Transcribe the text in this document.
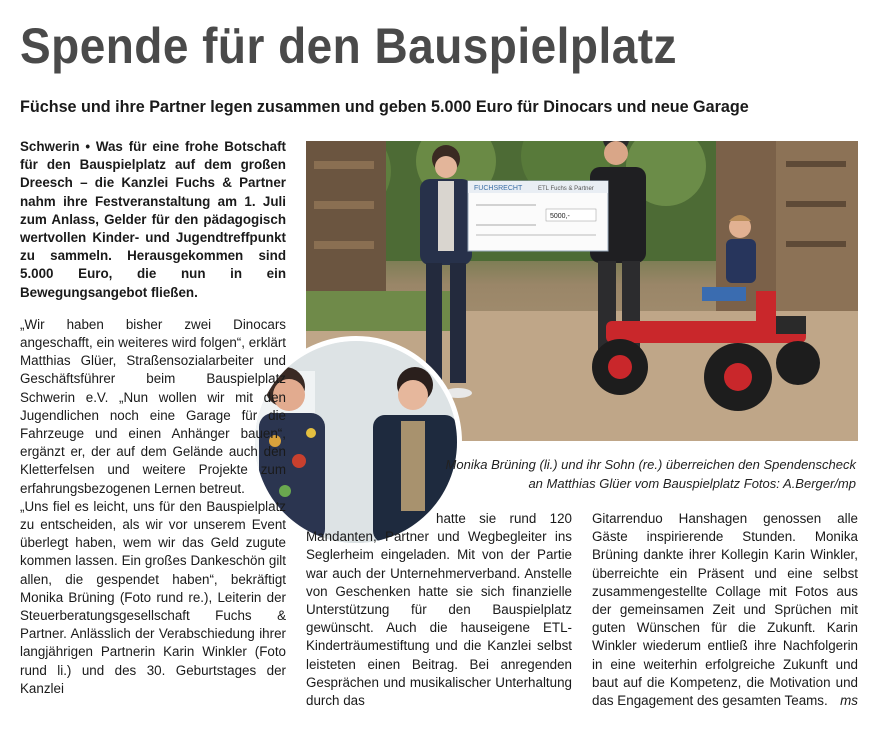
Spende für den Bauspielplatz
Füchse und ihre Partner legen zusammen und geben 5.000 Euro für Dinocars und neue Garage
FUCHSRECHT	ETL Fuchs & Partner
5000,-

Schwerin • Was für eine frohe Botschaft für den Bauspielplatz auf dem großen Dreesch – die Kanzlei Fuchs & Partner nahm ihre Festveranstaltung am 1. Juli zum Anlass, Gelder für den pädagogisch wertvollen Kinder- und Jugendtreffpunkt zu sammeln. Herausgekommen sind 5.000 Euro, die nun in ein Bewegungsangebot fließen.

„Wir haben bisher zwei Dinocars angeschafft, ein weiteres wird folgen“, erklärt Matthias Glüer, Straßensozialarbeiter und Geschäftsführer beim Bauspielplatz Schwerin e.V. „Nun wollen wir mit den Jugendlichen noch eine Garage für die Fahrzeuge und einen Anhänger bauen“, ergänzt er, der auf dem Gelände auch den Kletterfelsen und weitere Projekte zum erfahrungsbezogenen Lernen betreut.

„Uns fiel es leicht, uns für den Bauspielplatz zu entscheiden, als wir vor unserem Event überlegt haben, wem wir das Geld zugute kommen lassen. Ein großes Dankeschön gilt allen, die gespendet haben“, bekräftigt Monika Brüning (Foto rund re.), Leiterin der Steuerberatungsgesellschaft Fuchs & Partner. Anlässlich der Verabschiedung ihrer langjährigen Partnerin Karin Winkler (Foto rund li.) und des 30. Geburtstages der Kanzlei

hatte sie rund 120 Mandanten, Partner und Wegbegleiter ins Seglerheim eingeladen. Mit von der Partie war auch der Unternehmerverband. Anstelle von Geschenken hatte sie sich finanzielle Unterstützung für den Bauspielplatz gewünscht. Auch die hauseigene ETL-Kinderträumestiftung und die Kanzlei selbst leisteten einen Beitrag. Bei anregenden Gesprächen und musikalischer Unterhaltung durch das

Gitarrenduo Hanshagen genossen alle Gäste inspirierende Stunden. Monika Brüning dankte ihrer Kollegin Karin Winkler, überreichte ein Präsent und eine selbst zusammengestellte Collage mit Fotos aus der gemeinsamen Zeit und Sprüchen mit guten Wünschen für die Zukunft. Karin Winkler wiederum entließ ihre Nachfolgerin in eine weiterhin erfolgreiche Zukunft und baut auf die Kompetenz, die Motivation und das Engagement des gesamten Teams. ms

Monika Brüning (li.) und ihr Sohn (re.) überreichen den Spendenscheck an Matthias Glüer vom Bauspielplatz Fotos: A.Berger/mp
